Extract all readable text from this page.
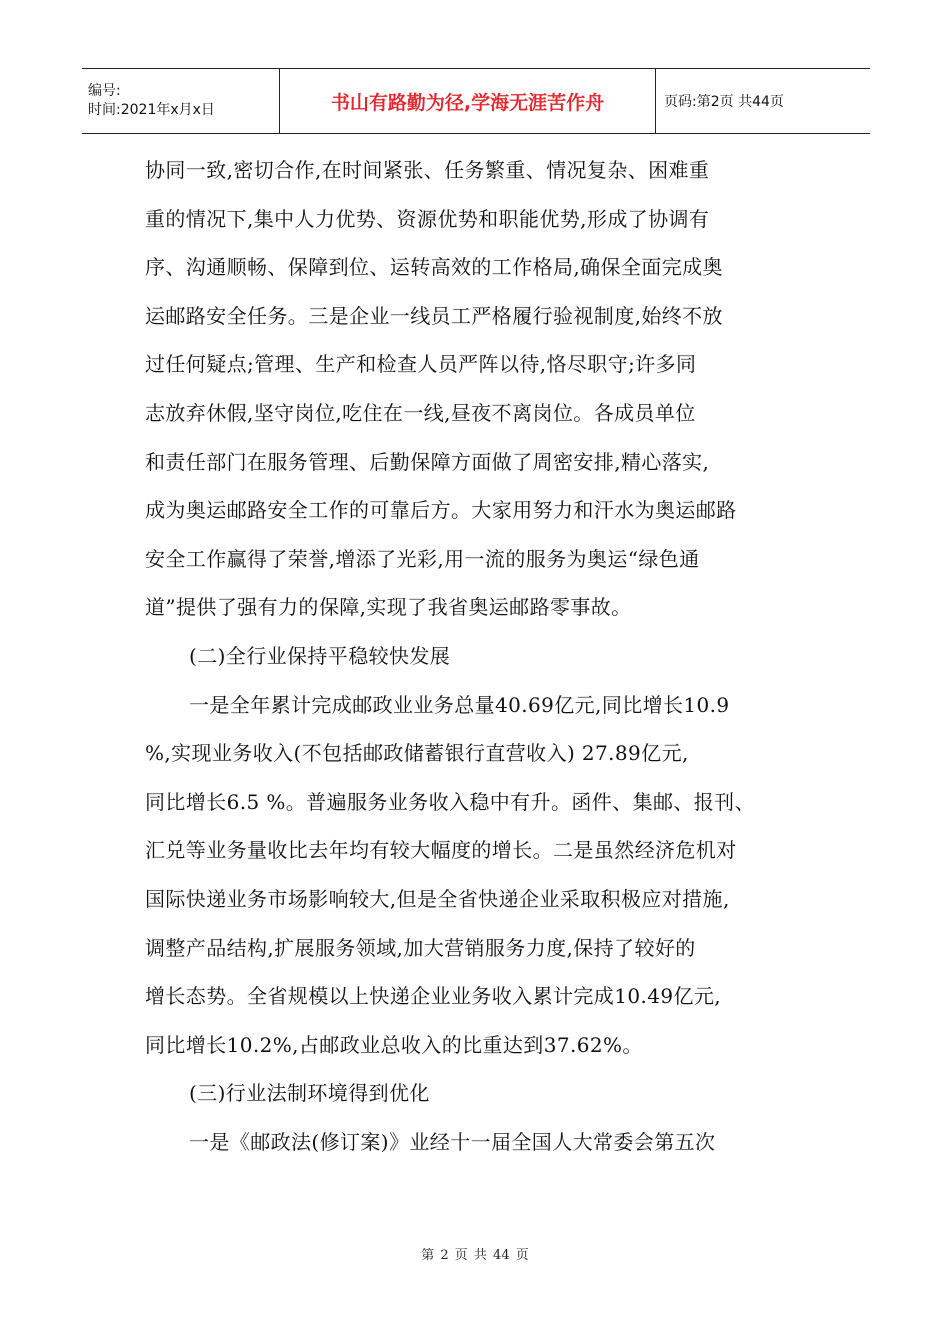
编号:
时间:2021年x月x日	书山有路勤为径,学海无涯苦作舟	页码:第2页 共44页

协同一致,密切合作,在时间紧张、任务繁重、情况复杂、困难重

重的情况下,集中人力优势、资源优势和职能优势,形成了协调有

序、沟通顺畅、保障到位、运转高效的工作格局,确保全面完成奥

运邮路安全任务。三是企业一线员工严格履行验视制度,始终不放

过任何疑点;管理、生产和检查人员严阵以待,恪尽职守;许多同

志放弃休假,坚守岗位,吃住在一线,昼夜不离岗位。各成员单位

和责任部门在服务管理、后勤保障方面做了周密安排,精心落实,

成为奥运邮路安全工作的可靠后方。大家用努力和汗水为奥运邮路

安全工作赢得了荣誉,增添了光彩,用一流的服务为奥运“绿色通

道”提供了强有力的保障,实现了我省奥运邮路零事故。

(二)全行业保持平稳较快发展

一是全年累计完成邮政业业务总量40.69亿元,同比增长10.9

%,实现业务收入(不包括邮政储蓄银行直营收入) 27.89亿元,

同比增长6.5 %。普遍服务业务收入稳中有升。函件、集邮、报刊、

汇兑等业务量收比去年均有较大幅度的增长。二是虽然经济危机对

国际快递业务市场影响较大,但是全省快递企业采取积极应对措施,

调整产品结构,扩展服务领域,加大营销服务力度,保持了较好的

增长态势。全省规模以上快递企业业务收入累计完成10.49亿元,

同比增长10.2%,占邮政业总收入的比重达到37.62%。

(三)行业法制环境得到优化

一是《邮政法(修订案)》业经十一届全国人大常委会第五次

第 2 页 共 44 页
